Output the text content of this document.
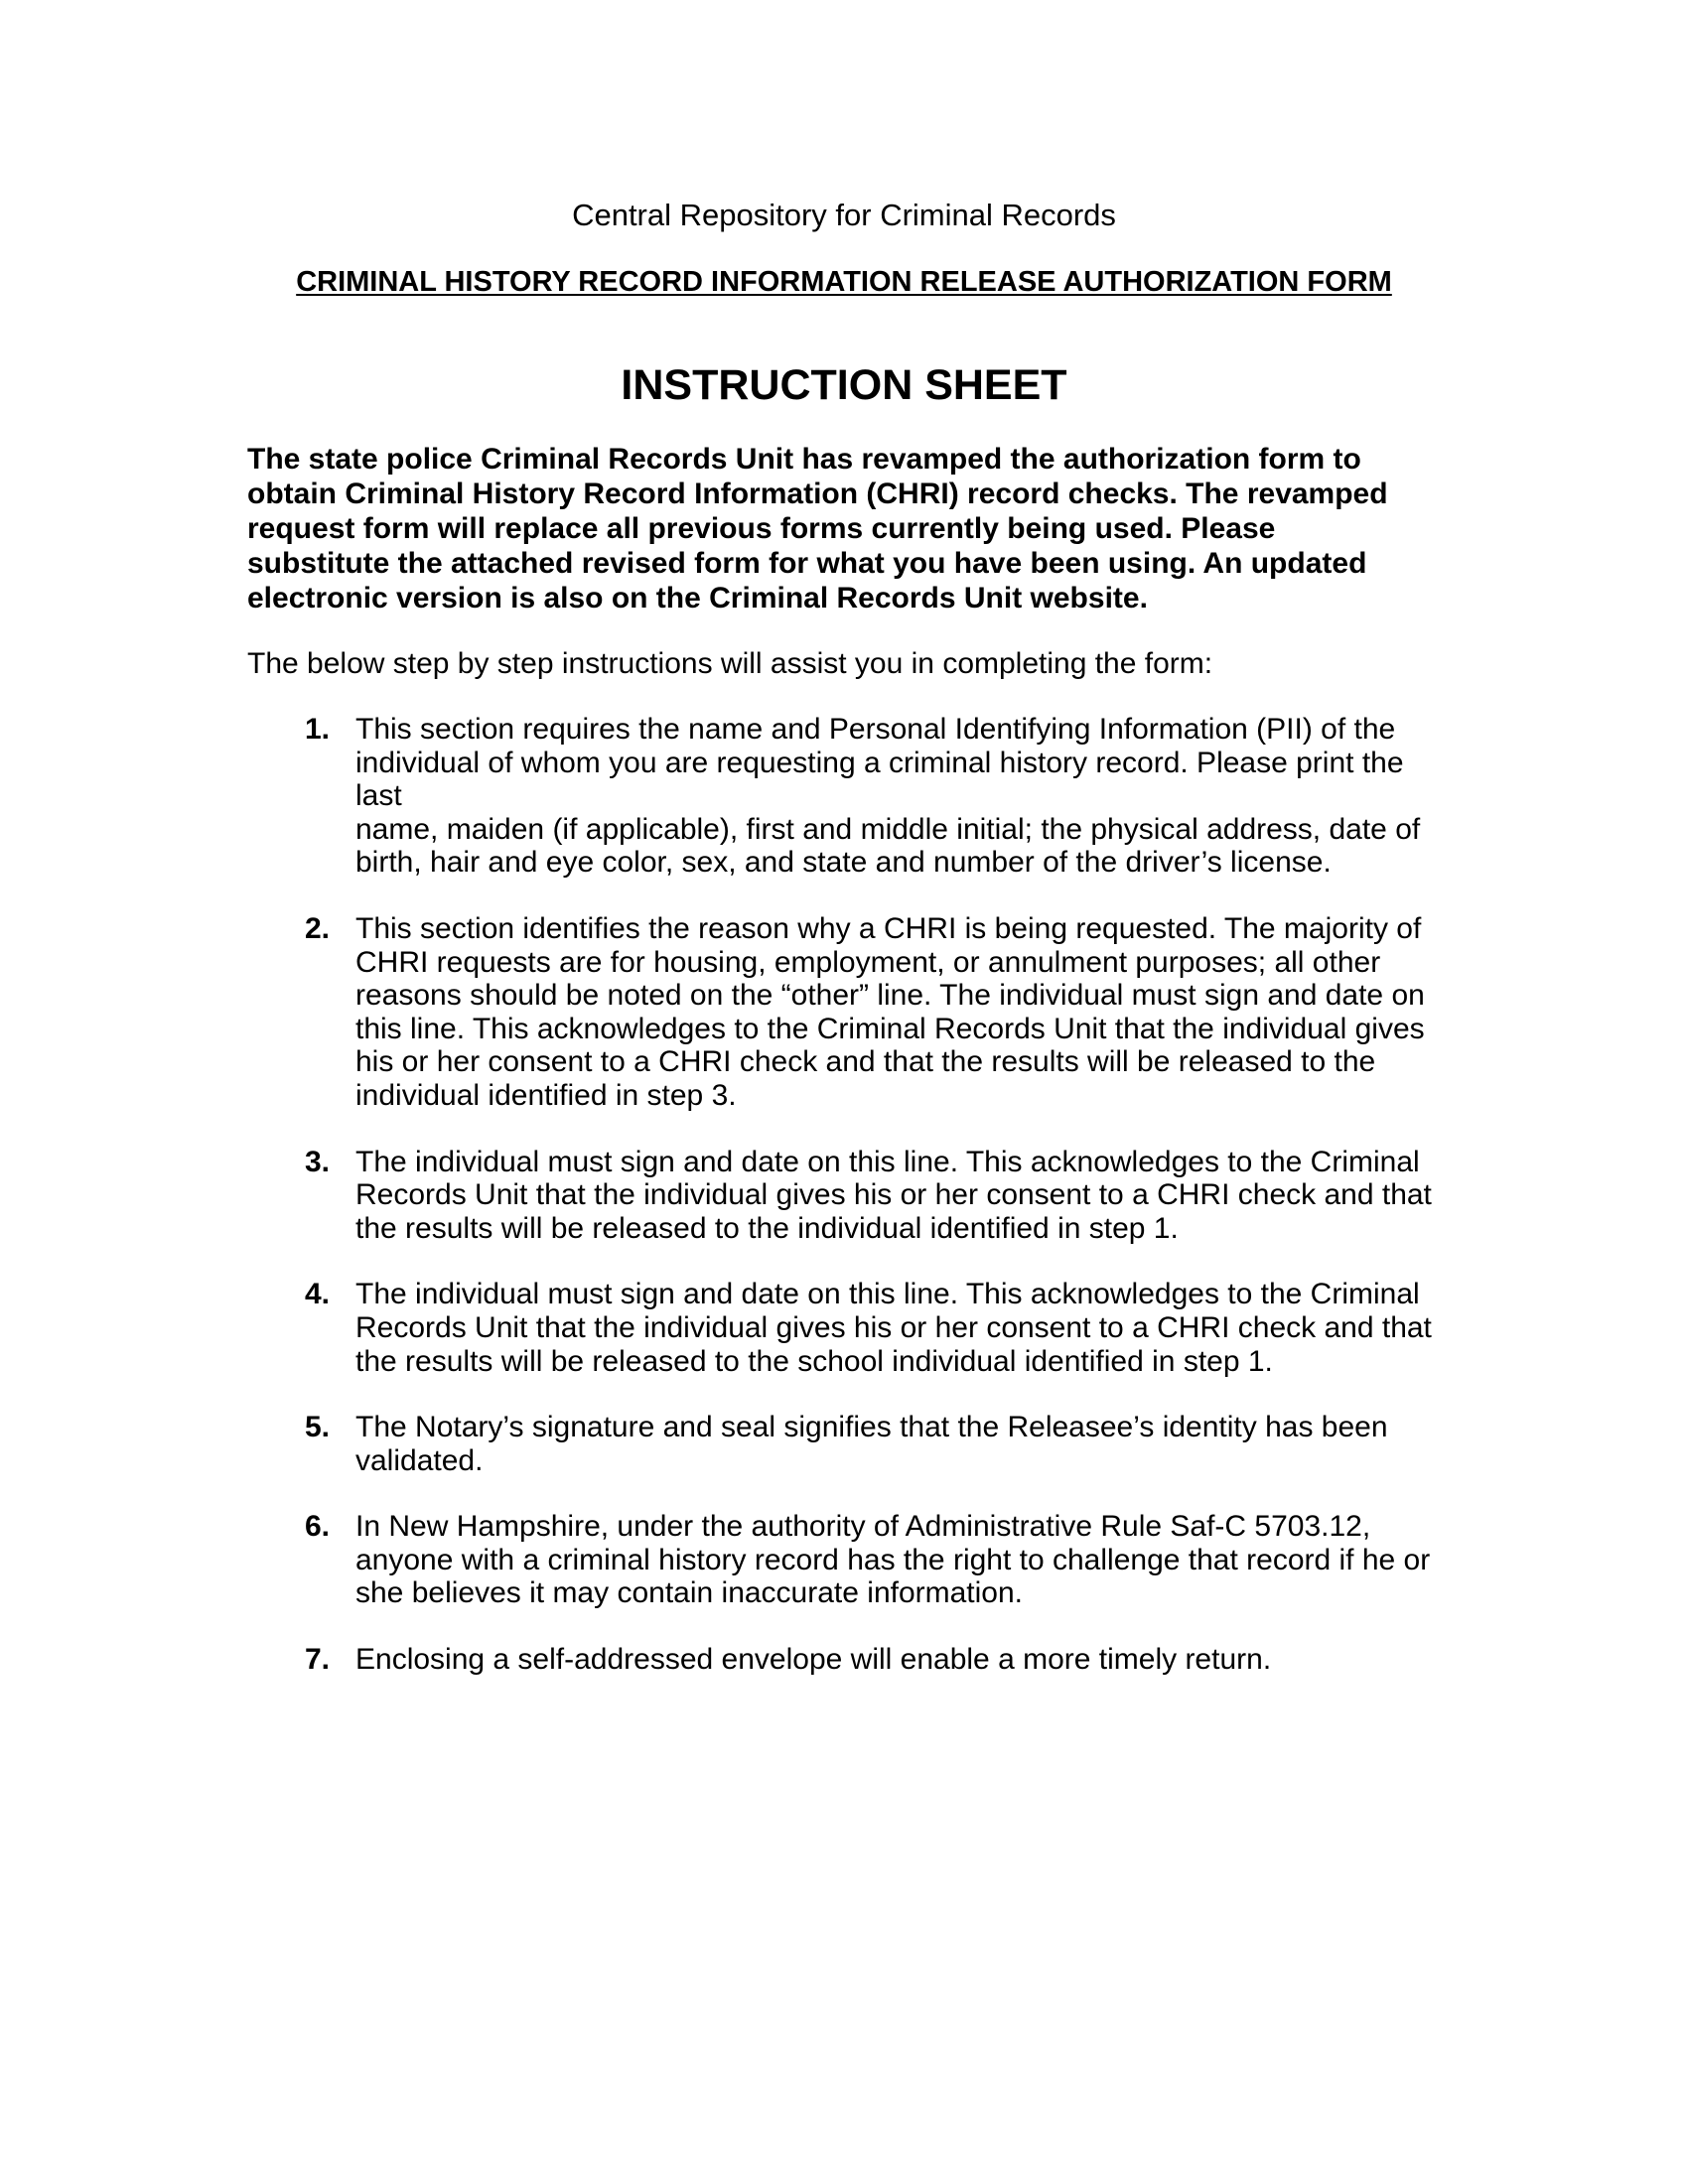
Central Repository for Criminal Records
CRIMINAL HISTORY RECORD INFORMATION RELEASE AUTHORIZATION FORM
INSTRUCTION SHEET
The state police Criminal Records Unit has revamped the authorization form to
obtain Criminal History Record Information (CHRI) record checks. The revamped
request form will replace all previous forms currently being used. Please
substitute the attached revised form for what you have been using. An updated
electronic version is also on the Criminal Records Unit website.
The below step by step instructions will assist you in completing the form:
1. This section requires the name and Personal Identifying Information (PII) of the
individual of whom you are requesting a criminal history record. Please print the last
name, maiden (if applicable), first and middle initial; the physical address, date of
birth, hair and eye color, sex, and state and number of the driver’s license.
2. This section identifies the reason why a CHRI is being requested. The majority of
CHRI requests are for housing, employment, or annulment purposes; all other
reasons should be noted on the “other” line. The individual must sign and date on
this line. This acknowledges to the Criminal Records Unit that the individual gives
his or her consent to a CHRI check and that the results will be released to the
individual identified in step 3.
3. The individual must sign and date on this line. This acknowledges to the Criminal
Records Unit that the individual gives his or her consent to a CHRI check and that
the results will be released to the individual identified in step 1.
4. The individual must sign and date on this line. This acknowledges to the Criminal
Records Unit that the individual gives his or her consent to a CHRI check and that
the results will be released to the school individual identified in step 1.
5. The Notary’s signature and seal signifies that the Releasee’s identity has been
validated.
6. In New Hampshire, under the authority of Administrative Rule Saf-C 5703.12,
anyone with a criminal history record has the right to challenge that record if he or
she believes it may contain inaccurate information.
7. Enclosing a self-addressed envelope will enable a more timely return.
